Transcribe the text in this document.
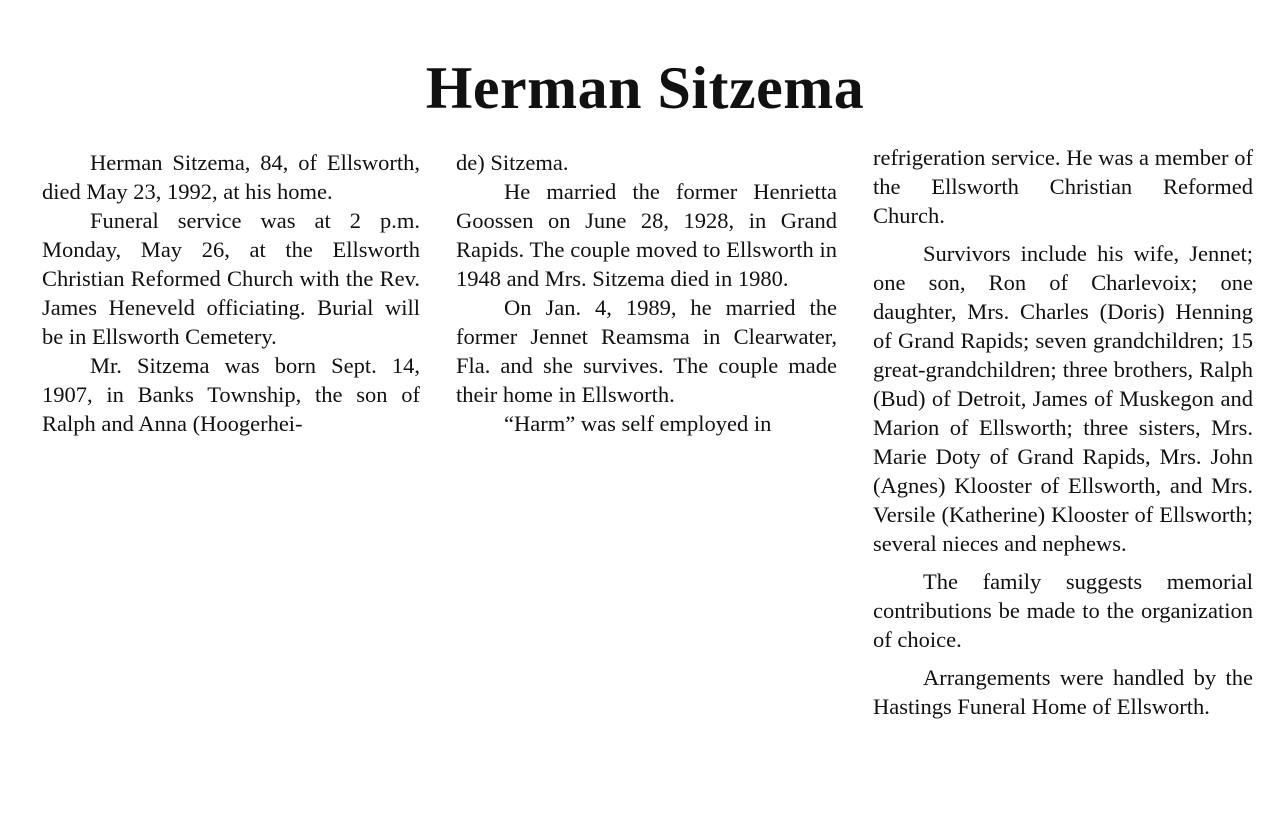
Herman Sitzema

Herman Sitzema, 84, of Ellsworth, died May 23, 1992, at his home.

Funeral service was at 2 p.m. Monday, May 26, at the Ellsworth Christian Reformed Church with the Rev. James Heneveld officiating. Burial will be in Ellsworth Cemetery.

Mr. Sitzema was born Sept. 14, 1907, in Banks Township, the son of Ralph and Anna (Hoogerhei-

de) Sitzema.

He married the former Henrietta Goossen on June 28, 1928, in Grand Rapids. The couple moved to Ellsworth in 1948 and Mrs. Sitzema died in 1980.

On Jan. 4, 1989, he married the former Jennet Reamsma in Clearwater, Fla. and she survives. The couple made their home in Ellsworth.

“Harm” was self employed in

refrigeration service. He was a member of the Ellsworth Christian Reformed Church.

Survivors include his wife, Jennet; one son, Ron of Charlevoix; one daughter, Mrs. Charles (Doris) Henning of Grand Rapids; seven grandchildren; 15 great-grandchildren; three brothers, Ralph (Bud) of Detroit, James of Muskegon and Marion of Ellsworth; three sisters, Mrs. Marie Doty of Grand Rapids, Mrs. John (Agnes) Klooster of Ellsworth, and Mrs. Versile (Katherine) Klooster of Ellsworth; several nieces and nephews.

The family suggests memorial contributions be made to the organization of choice.

Arrangements were handled by the Hastings Funeral Home of Ellsworth.
